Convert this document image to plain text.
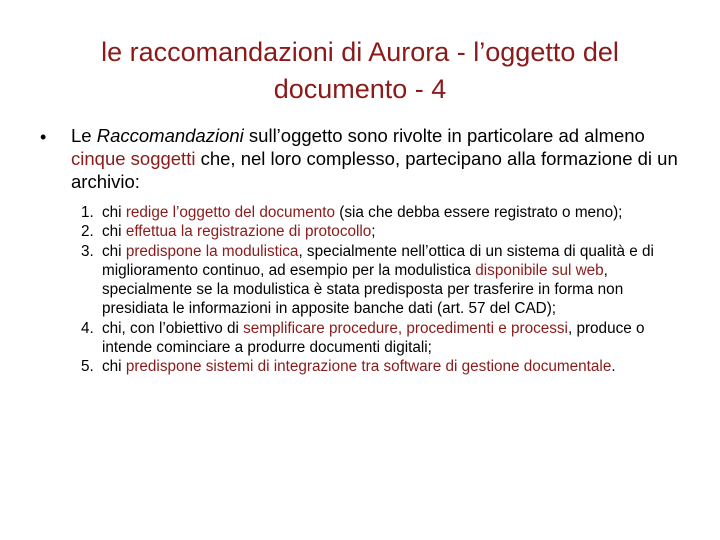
le raccomandazioni di Aurora - l’oggetto del documento - 4
• Le Raccomandazioni sull’oggetto sono rivolte in particolare ad almeno cinque soggetti che, nel loro complesso, partecipano alla formazione di un archivio:
1. chi redige l’oggetto del documento (sia che debba essere registrato o meno);
2. chi effettua la registrazione di protocollo;
3. chi predispone la modulistica, specialmente nell’ottica di un sistema di qualità e di miglioramento continuo, ad esempio per la modulistica disponibile sul web, specialmente se la modulistica è stata predisposta per trasferire in forma non presidiata le informazioni in apposite banche dati (art. 57 del CAD);
4. chi, con l’obiettivo di semplificare procedure, procedimenti e processi, produce o intende cominciare a produrre documenti digitali;
5. chi predispone sistemi di integrazione tra software di gestione documentale.
